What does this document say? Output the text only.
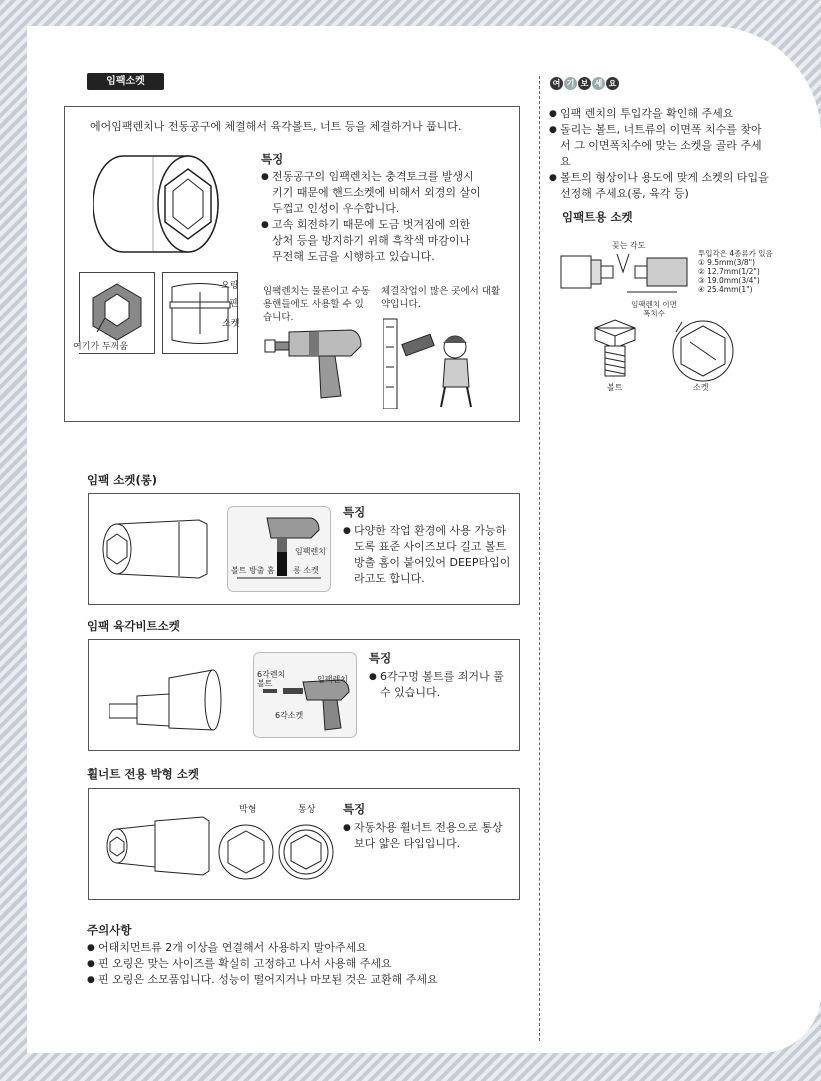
임팩소켓
에어임팩렌치나 전동공구에 체결해서 육각볼트, 너트 등을 체결하거나 풉니다.
특징
● 전동공구의 임팩렌치는 충격토크를 발생시키기 때문에 핸드소켓에 비해서 외경의 살이 두껍고 인성이 우수합니다.
● 고속 회전하기 때문에 도금 벗겨짐에 의한 상처 등을 방지하기 위해 흑착색 마감이나 무전해 도금을 시행하고 있습니다.
여기가 두꺼움
오링
핀
소켓
임팩렌치는 물론이고 수동용핸들에도 사용할 수 있습니다.
체결작업이 많은 곳에서 대활약입니다.
임팩 소켓(롱)
임팩렌치
볼트 방출 홈 롱 소켓
특징
● 다양한 작업 환경에 사용 가능하도록 표준 사이즈보다 길고 볼트 방출 홈이 붙어있어 DEEP타입이라고도 합니다.
임팩 육각비트소켓
6각렌치 볼트	임팩렌치
6각소켓
특징
● 6각구멍 볼트를 죄거나 풀 수 있습니다.
휠너트 전용 박형 소켓
박형	통상 특징
● 자동차용 휠너트 전용으로 통상보다 얇은 타입입니다.
주의사항
● 어태치먼트류 2개 이상을 연결해서 사용하지 말아주세요
● 핀 오링은 맞는 사이즈를 확실히 고정하고 나서 사용해 주세요
● 핀 오링은 소모품입니다. 성능이 떨어지거나 마모된 것은 교환해 주세요
여 기 보 세 요
● 임팩 렌치의 투입각을 확인해 주세요
● 돌리는 볼트, 너트류의 이면폭 치수를 찾아서 그 이면폭치수에 맞는 소켓을 골라 주세요
● 볼트의 형상이나 용도에 맞게 소켓의 타입을 선정해 주세요(롱, 육각 등)
임팩트용 소켓
꽂는 각도
투입각은 4종류가 있음
① 9.5mm(3/8")
② 12.7mm(1/2")
③ 19.0mm(3/4")
④ 25.4mm(1")
임팩렌치 이면폭치수
볼트	소켓
